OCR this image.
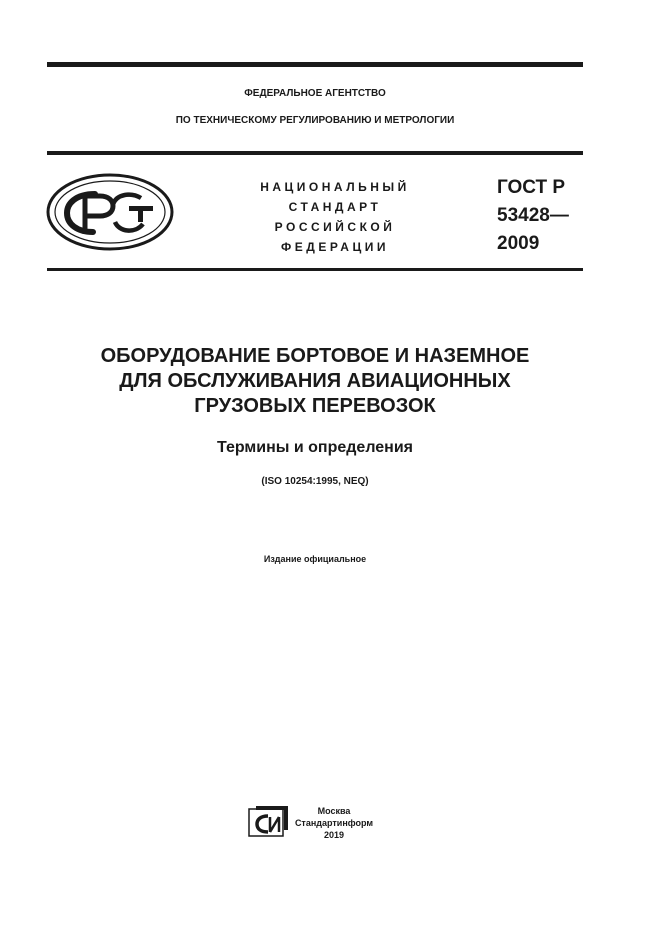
ФЕДЕРАЛЬНОЕ АГЕНТСТВО
ПО ТЕХНИЧЕСКОМУ РЕГУЛИРОВАНИЮ И МЕТРОЛОГИИ
НАЦИОНАЛЬНЫЙ
СТАНДАРТ
РОССИЙСКОЙ
ФЕДЕРАЦИИ
ГОСТ Р
53428—
2009
ОБОРУДОВАНИЕ БОРТОВОЕ И НАЗЕМНОЕ
ДЛЯ ОБСЛУЖИВАНИЯ АВИАЦИОННЫХ
ГРУЗОВЫХ ПЕРЕВОЗОК
Термины и определения
(ISO 10254:1995, NEQ)
Издание официальное
Москва
Стандартинформ
2019
